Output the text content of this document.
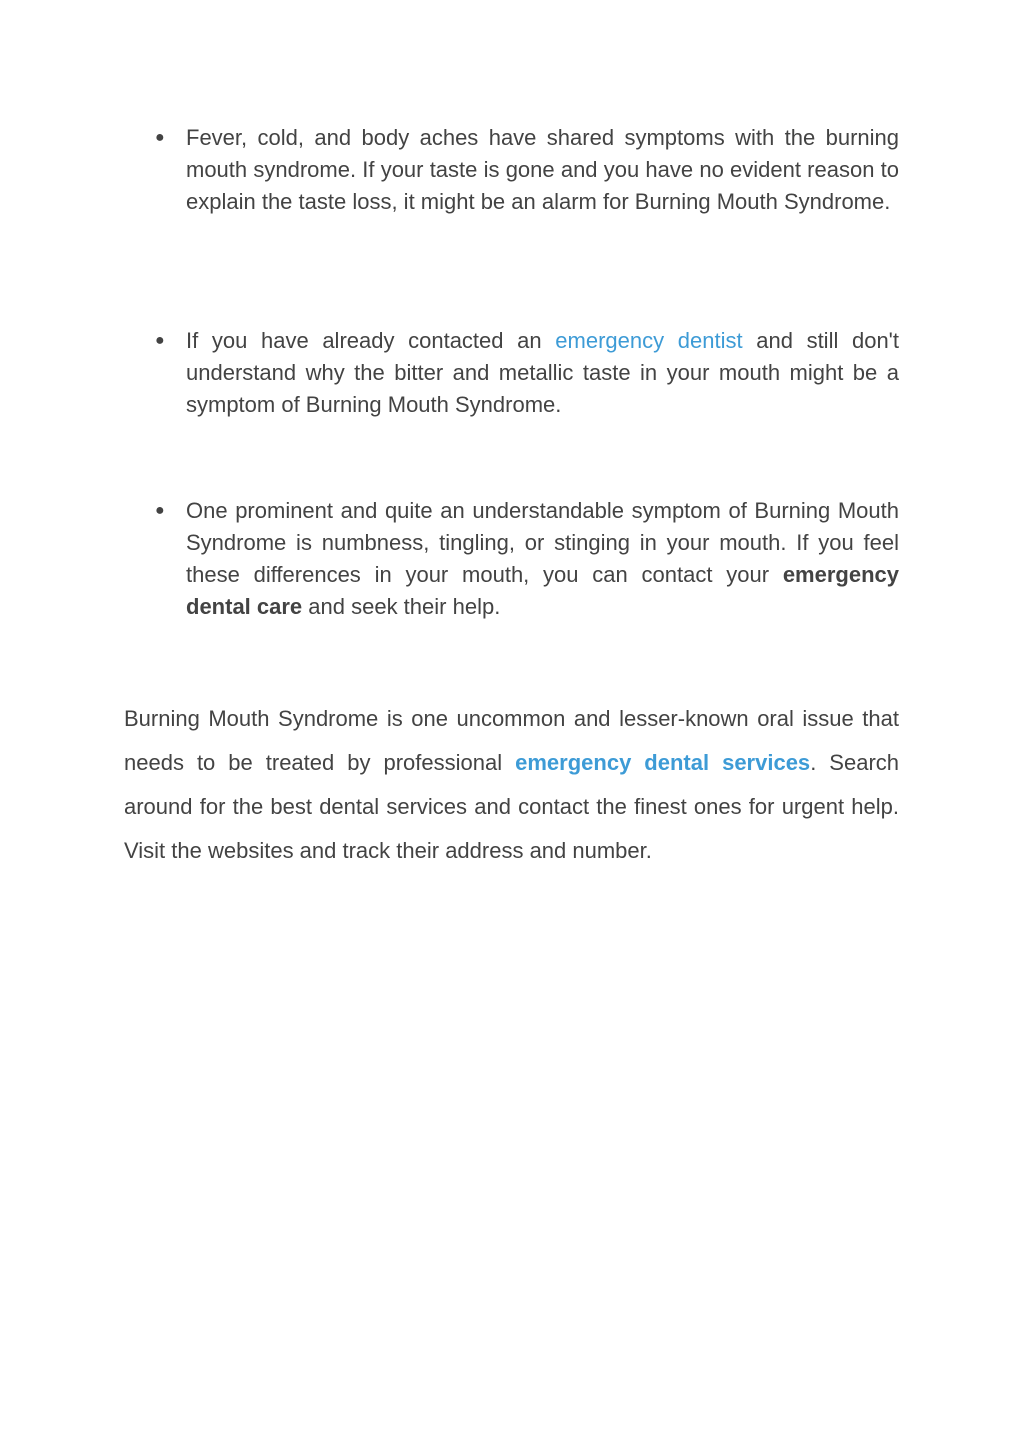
● Fever, cold, and body aches have shared symptoms with the burning mouth syndrome. If your taste is gone and you have no evident reason to explain the taste loss, it might be an alarm for Burning Mouth Syndrome.
● If you have already contacted an emergency dentist and still don't understand why the bitter and metallic taste in your mouth might be a symptom of Burning Mouth Syndrome.
● One prominent and quite an understandable symptom of Burning Mouth Syndrome is numbness, tingling, or stinging in your mouth. If you feel these differences in your mouth, you can contact your emergency dental care and seek their help.

Burning Mouth Syndrome is one uncommon and lesser-known oral issue that needs to be treated by professional emergency dental services. Search around for the best dental services and contact the finest ones for urgent help. Visit the websites and track their address and number.
